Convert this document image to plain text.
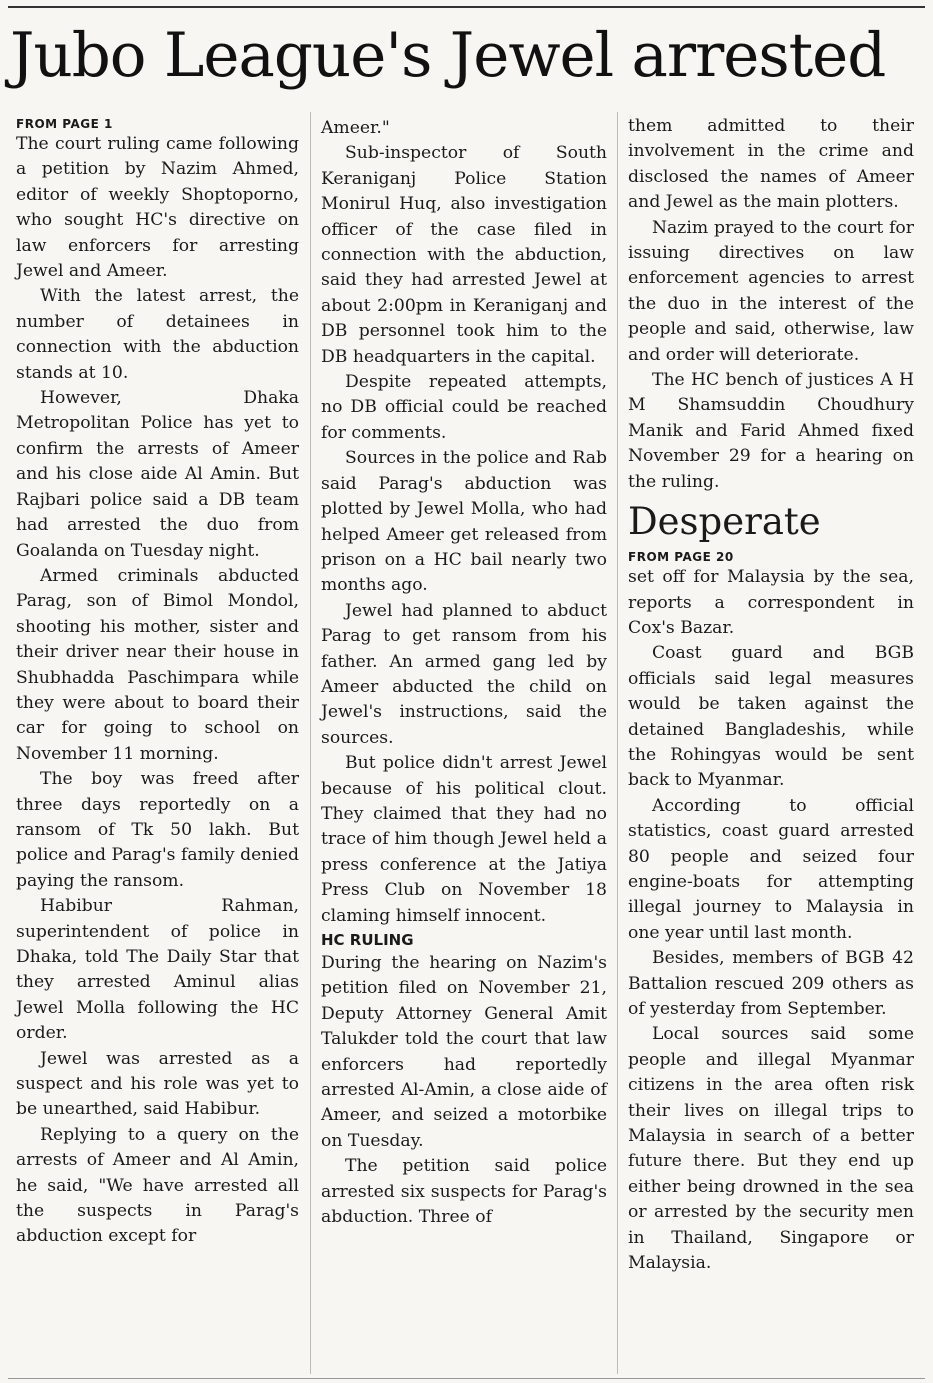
Jubo League's Jewel arrested
FROM PAGE 1

The court ruling came following a petition by Nazim Ahmed, editor of weekly Shoptoporno, who sought HC's directive on law enforcers for arresting Jewel and Ameer.

With the latest arrest, the number of detainees in connection with the abduction stands at 10.

However, Dhaka Metropolitan Police has yet to confirm the arrests of Ameer and his close aide Al Amin. But Rajbari police said a DB team had arrested the duo from Goalanda on Tuesday night.

Armed criminals abducted Parag, son of Bimol Mondol, shooting his mother, sister and their driver near their house in Shubhadda Paschimpara while they were about to board their car for going to school on November 11 morning.

The boy was freed after three days reportedly on a ransom of Tk 50 lakh. But police and Parag's family denied paying the ransom.

Habibur Rahman, superintendent of police in Dhaka, told The Daily Star that they arrested Aminul alias Jewel Molla following the HC order.

Jewel was arrested as a suspect and his role was yet to be unearthed, said Habibur.

Replying to a query on the arrests of Ameer and Al Amin, he said, "We have arrested all the suspects in Parag's abduction except for

Ameer."

Sub-inspector of South Keraniganj Police Station Monirul Huq, also investigation officer of the case filed in connection with the abduction, said they had arrested Jewel at about 2:00pm in Keraniganj and DB personnel took him to the DB headquarters in the capital.

Despite repeated attempts, no DB official could be reached for comments.

Sources in the police and Rab said Parag's abduction was plotted by Jewel Molla, who had helped Ameer get released from prison on a HC bail nearly two months ago.

Jewel had planned to abduct Parag to get ransom from his father. An armed gang led by Ameer abducted the child on Jewel's instructions, said the sources.

But police didn't arrest Jewel because of his political clout. They claimed that they had no trace of him though Jewel held a press conference at the Jatiya Press Club on November 18 claming himself innocent.

HC RULING

During the hearing on Nazim's petition filed on November 21, Deputy Attorney General Amit Talukder told the court that law enforcers had reportedly arrested Al-Amin, a close aide of Ameer, and seized a motorbike on Tuesday.

The petition said police arrested six suspects for Parag's abduction. Three of

them admitted to their involvement in the crime and disclosed the names of Ameer and Jewel as the main plotters.

Nazim prayed to the court for issuing directives on law enforcement agencies to arrest the duo in the interest of the people and said, otherwise, law and order will deteriorate.

The HC bench of justices A H M Shamsuddin Choudhury Manik and Farid Ahmed fixed November 29 for a hearing on the ruling.

Desperate
FROM PAGE 20

set off for Malaysia by the sea, reports a correspondent in Cox's Bazar.

Coast guard and BGB officials said legal measures would be taken against the detained Bangladeshis, while the Rohingyas would be sent back to Myanmar.

According to official statistics, coast guard arrested 80 people and seized four engine-boats for attempting illegal journey to Malaysia in one year until last month.

Besides, members of BGB 42 Battalion rescued 209 others as of yesterday from September.

Local sources said some people and illegal Myanmar citizens in the area often risk their lives on illegal trips to Malaysia in search of a better future there. But they end up either being drowned in the sea or arrested by the security men in Thailand, Singapore or Malaysia.
